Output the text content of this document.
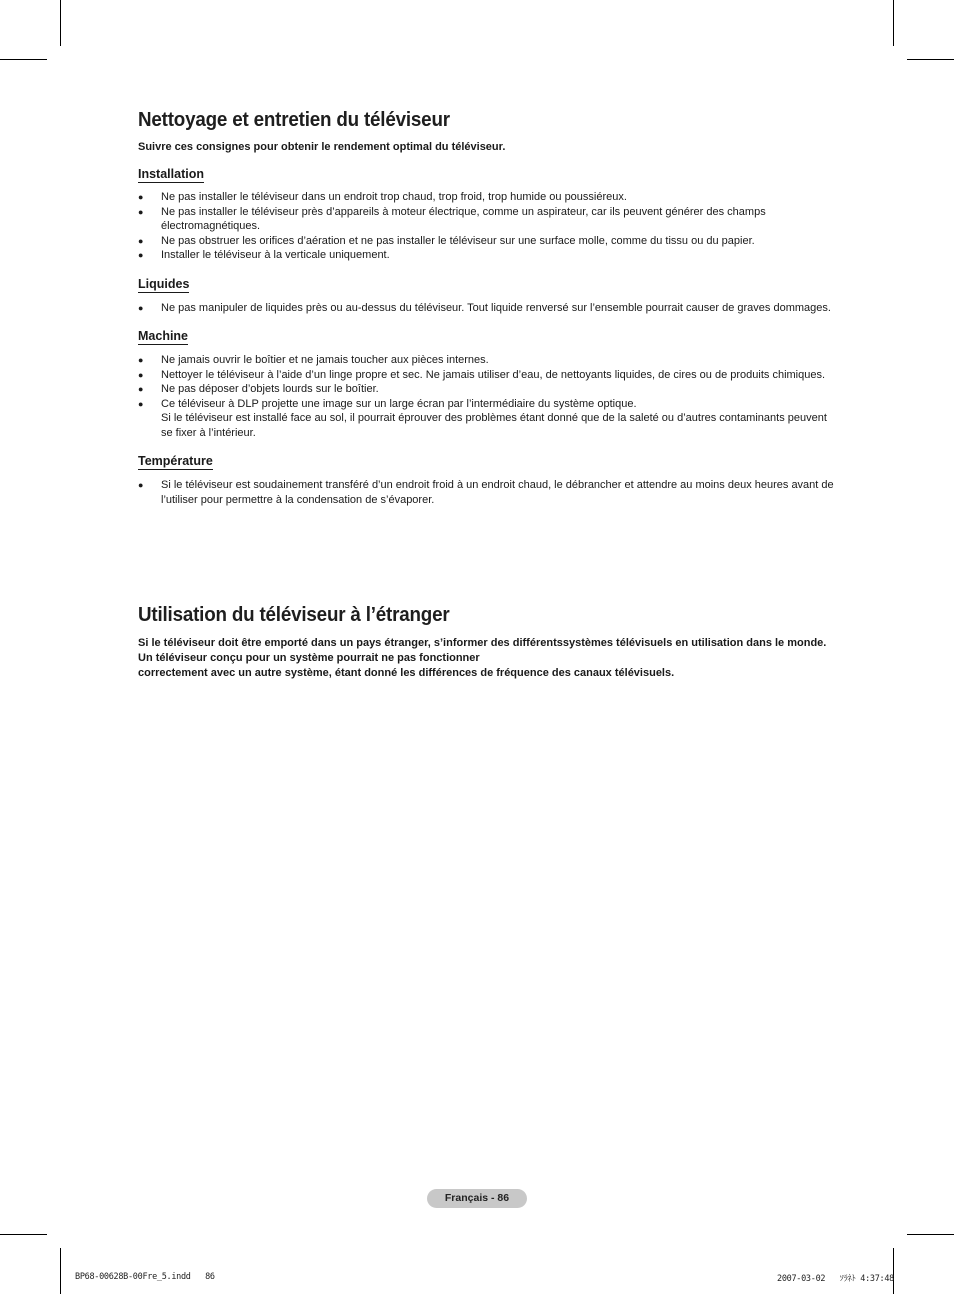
Nettoyage et entretien du téléviseur
Suivre ces consignes pour obtenir le rendement optimal du téléviseur.
Installation
● Ne pas installer le téléviseur dans un endroit trop chaud, trop froid, trop humide ou poussiéreux.
● Ne pas installer le téléviseur près d’appareils à moteur électrique, comme un aspirateur, car ils peuvent générer des champs électromagnétiques.
● Ne pas obstruer les orifices d’aération et ne pas installer le téléviseur sur une surface molle, comme du tissu ou du papier.
● Installer le téléviseur à la verticale uniquement.
Liquides
● Ne pas manipuler de liquides près ou au-dessus du téléviseur. Tout liquide renversé sur l’ensemble pourrait causer de graves dommages.
Machine
● Ne jamais ouvrir le boîtier et ne jamais toucher aux pièces internes.
● Nettoyer le téléviseur à l’aide d’un linge propre et sec. Ne jamais utiliser d’eau, de nettoyants liquides, de cires ou de produits chimiques.
● Ne pas déposer d’objets lourds sur le boîtier.
● Ce téléviseur à DLP projette une image sur un large écran par l’intermédiaire du système optique.
Si le téléviseur est installé face au sol, il pourrait éprouver des problèmes étant donné que de la saleté ou d’autres contaminants peuvent se fixer à l’intérieur.
Température
● Si le téléviseur est soudainement transféré d’un endroit froid à un endroit chaud, le débrancher et attendre au moins deux heures avant de l’utiliser pour permettre à la condensation de s’évaporer.
Utilisation du téléviseur à l’étranger
Si le téléviseur doit être emporté dans un pays étranger, s’informer des différentssystèmes télévisuels en utilisation dans le monde. Un téléviseur conçu pour un système pourrait ne pas fonctionner
correctement avec un autre système, étant donné les différences de fréquence des canaux télévisuels.
Français - 86
BP68-00628B-00Fre_5.indd   86	2007-03-02   ｿﾗﾈﾄ 4:37:48
